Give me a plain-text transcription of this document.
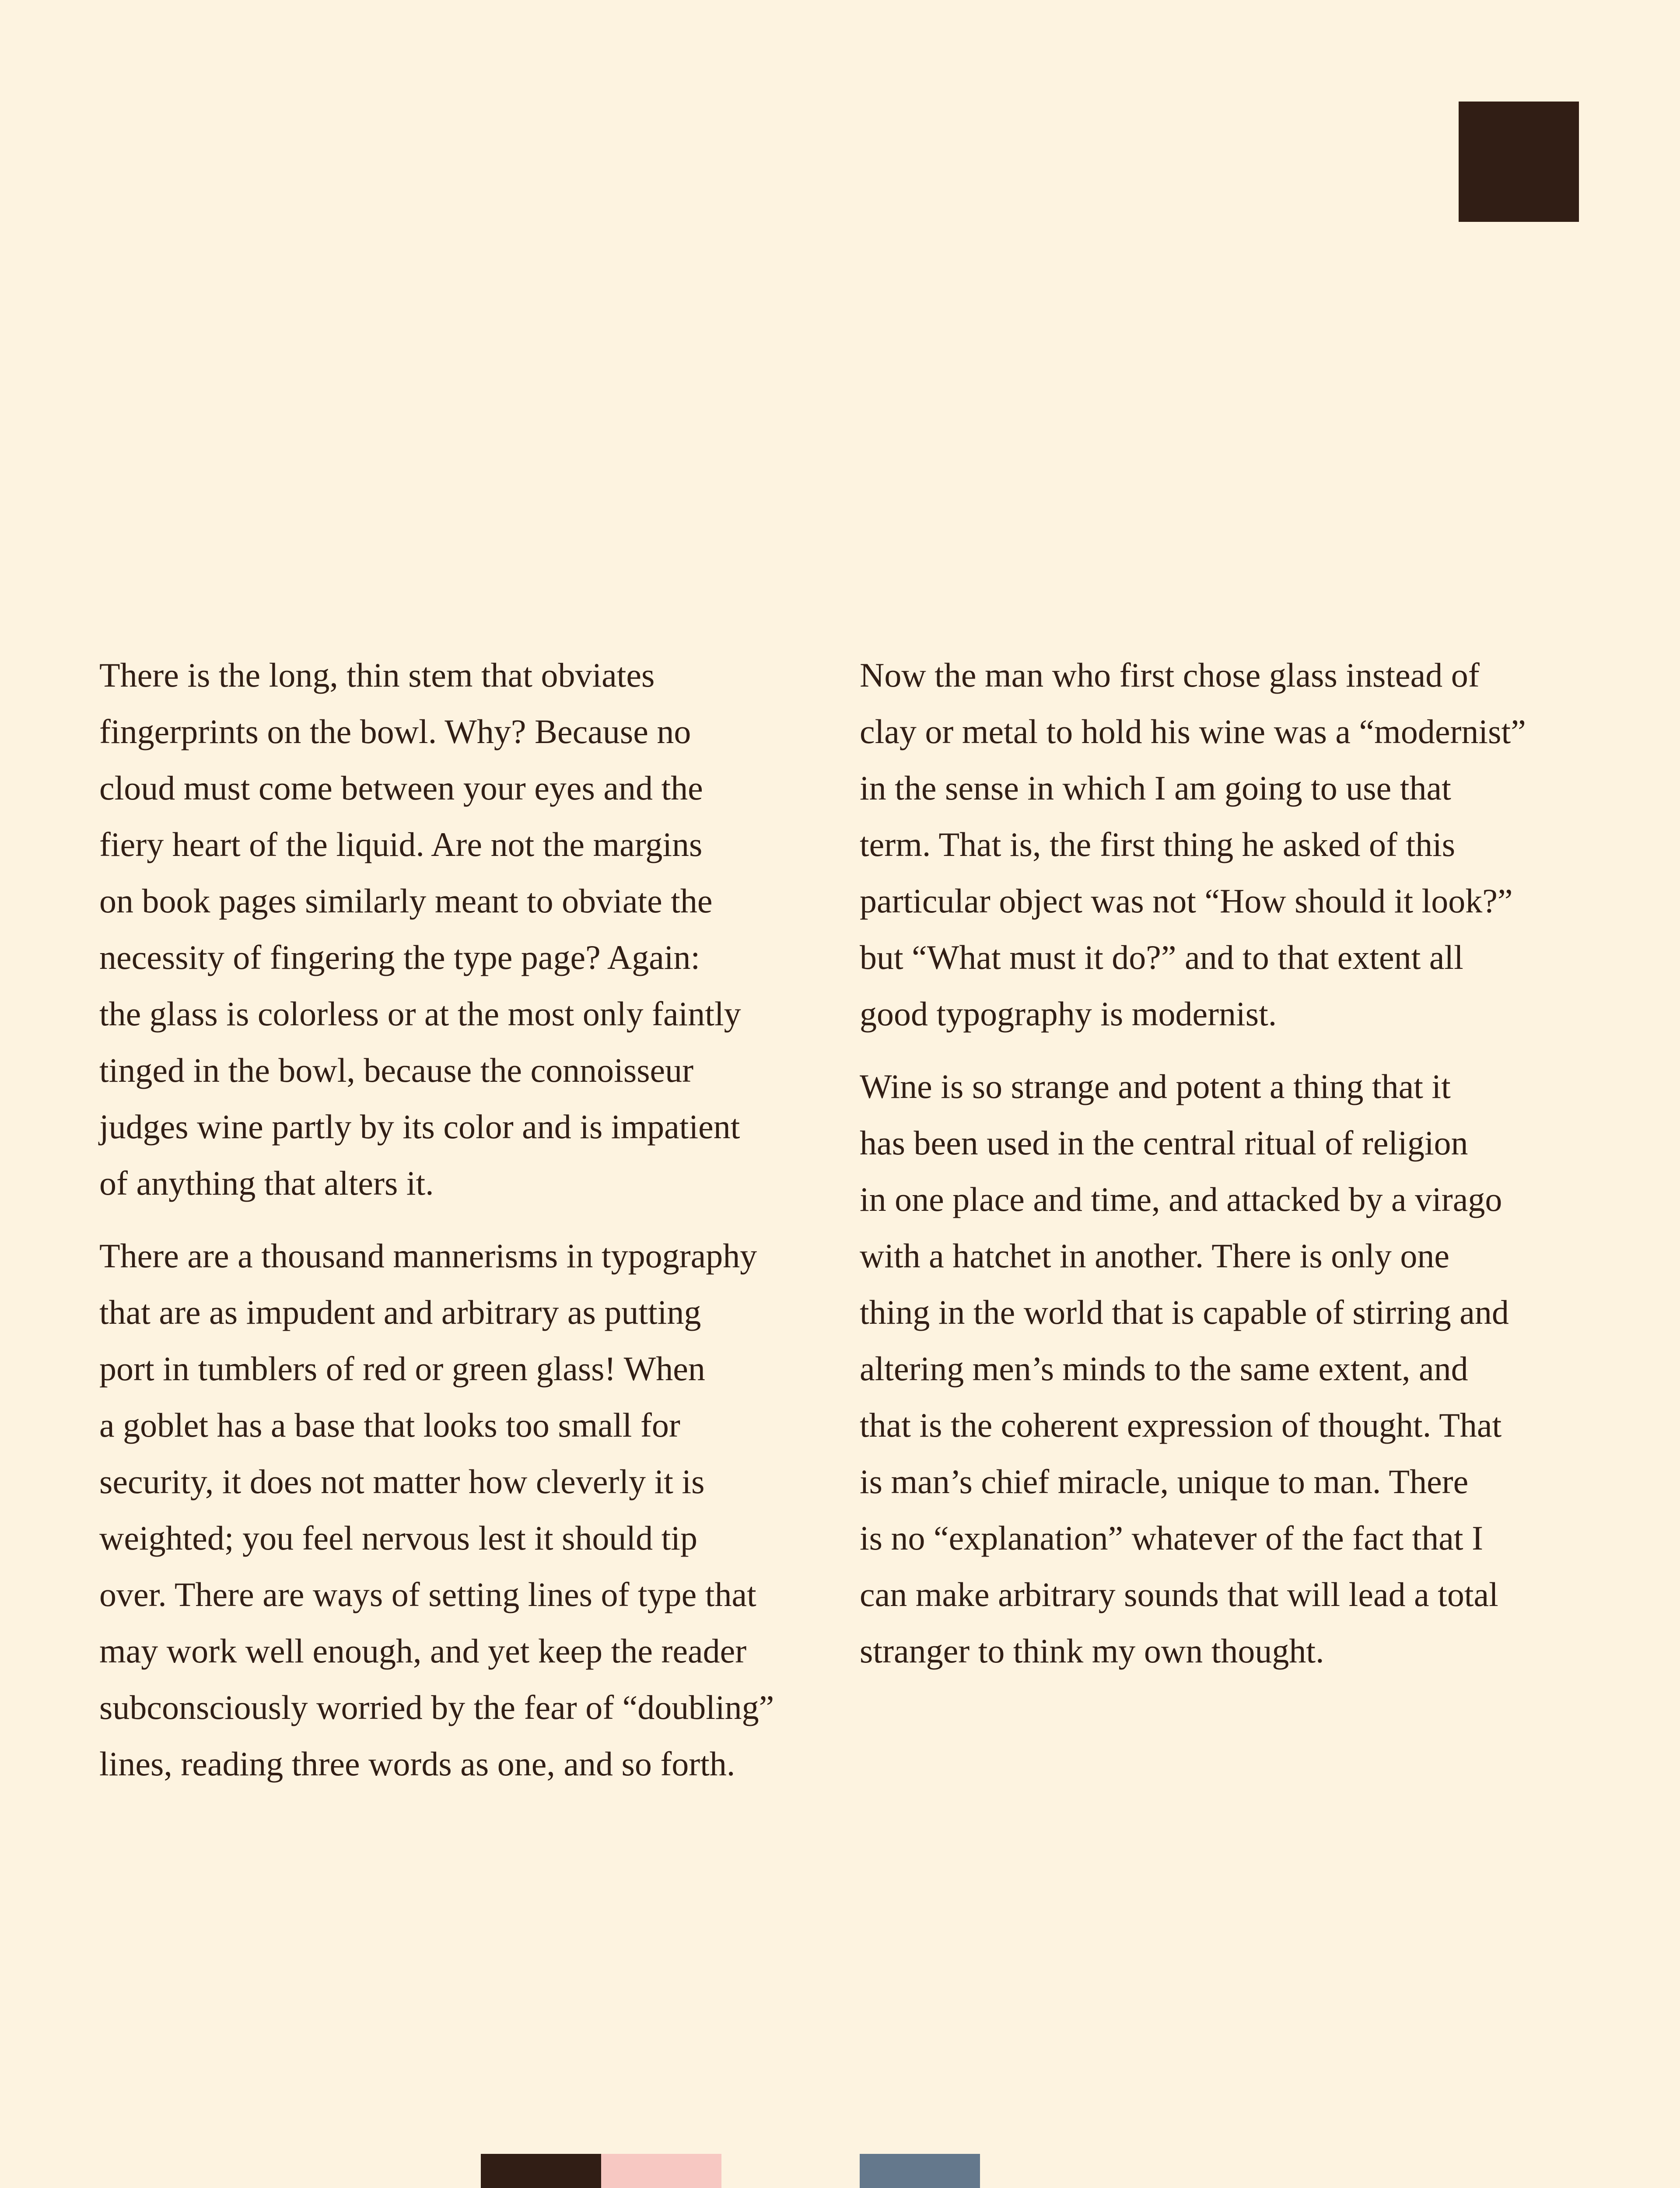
There is the long, thin stem that obviates
fingerprints on the bowl. Why? Because no
cloud must come between your eyes and the
fiery heart of the liquid. Are not the margins
on book pages similarly meant to obviate the
necessity of fingering the type page? Again:
the glass is colorless or at the most only faintly
tinged in the bowl, because the connoisseur
judges wine partly by its color and is impatient
of anything that alters it.

There are a thousand mannerisms in typography
that are as impudent and arbitrary as putting
port in tumblers of red or green glass! When
a goblet has a base that looks too small for
security, it does not matter how cleverly it is
weighted; you feel nervous lest it should tip
over. There are ways of setting lines of type that
may work well enough, and yet keep the reader
subconsciously worried by the fear of “doubling”
lines, reading three words as one, and so forth.

Now the man who first chose glass instead of
clay or metal to hold his wine was a “modernist”
in the sense in which I am going to use that
term. That is, the first thing he asked of this
particular object was not “How should it look?”
but “What must it do?” and to that extent all
good typography is modernist.

Wine is so strange and potent a thing that it
has been used in the central ritual of religion
in one place and time, and attacked by a virago
with a hatchet in another. There is only one
thing in the world that is capable of stirring and
altering men’s minds to the same extent, and
that is the coherent expression of thought. That
is man’s chief miracle, unique to man. There
is no “explanation” whatever of the fact that I
can make arbitrary sounds that will lead a total
stranger to think my own thought.
